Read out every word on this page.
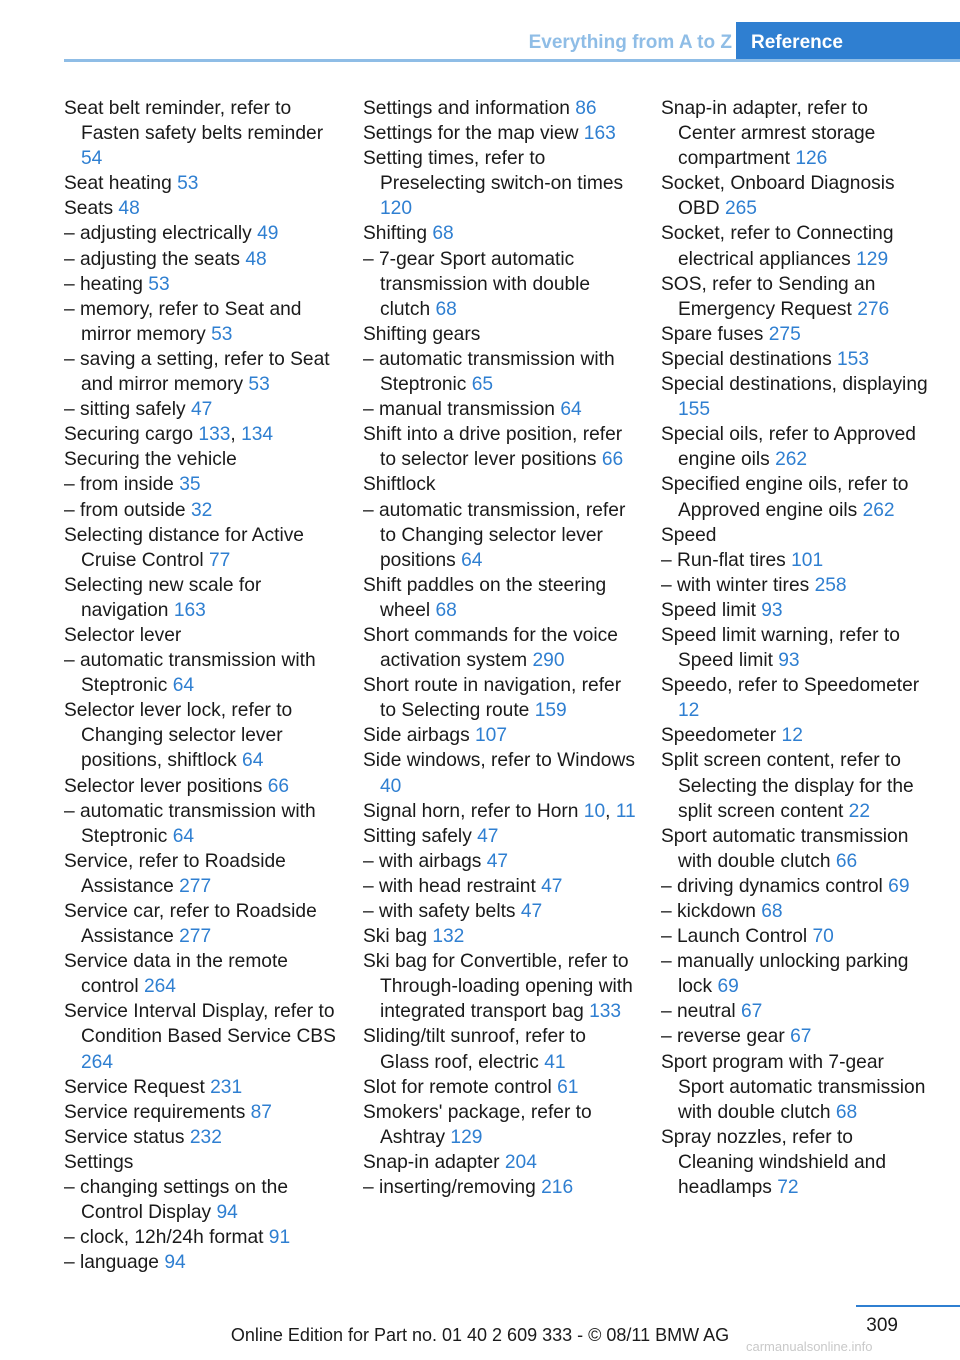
Everything from A to Z	Reference
Seat belt reminder, refer to Fasten safety belts reminder 54
Seat heating 53
Seats 48
– adjusting electrically 49
– adjusting the seats 48
– heating 53
– memory, refer to Seat and mirror memory 53
– saving a setting, refer to Seat and mirror memory 53
– sitting safely 47
Securing cargo 133, 134
Securing the vehicle
– from inside 35
– from outside 32
Selecting distance for Active Cruise Control 77
Selecting new scale for navigation 163
Selector lever
– automatic transmission with Steptronic 64
Selector lever lock, refer to Changing selector lever positions, shiftlock 64
Selector lever positions 66
– automatic transmission with Steptronic 64
Service, refer to Roadside Assistance 277
Service car, refer to Roadside Assistance 277
Service data in the remote control 264
Service Interval Display, refer to Condition Based Service CBS 264
Service Request 231
Service requirements 87
Service status 232
Settings
– changing settings on the Control Display 94
– clock, 12h/24h format 91
– language 94
Settings and information 86
Settings for the map view 163
Setting times, refer to Preselecting switch-on times 120
Shifting 68
– 7-gear Sport automatic transmission with double clutch 68
Shifting gears
– automatic transmission with Steptronic 65
– manual transmission 64
Shift into a drive position, refer to selector lever positions 66
Shiftlock
– automatic transmission, refer to Changing selector lever positions 64
Shift paddles on the steering wheel 68
Short commands for the voice activation system 290
Short route in navigation, refer to Selecting route 159
Side airbags 107
Side windows, refer to Windows 40
Signal horn, refer to Horn 10, 11
Sitting safely 47
– with airbags 47
– with head restraint 47
– with safety belts 47
Ski bag 132
Ski bag for Convertible, refer to Through-loading opening with integrated transport bag 133
Sliding/tilt sunroof, refer to Glass roof, electric 41
Slot for remote control 61
Smokers' package, refer to Ashtray 129
Snap-in adapter 204
– inserting/removing 216
Snap-in adapter, refer to Center armrest storage compartment 126
Socket, Onboard Diagnosis OBD 265
Socket, refer to Connecting electrical appliances 129
SOS, refer to Sending an Emergency Request 276
Spare fuses 275
Special destinations 153
Special destinations, displaying 155
Special oils, refer to Approved engine oils 262
Specified engine oils, refer to Approved engine oils 262
Speed
– Run-flat tires 101
– with winter tires 258
Speed limit 93
Speed limit warning, refer to Speed limit 93
Speedo, refer to Speedometer 12
Speedometer 12
Split screen content, refer to Selecting the display for the split screen content 22
Sport automatic transmission with double clutch 66
– driving dynamics control 69
– kickdown 68
– Launch Control 70
– manually unlocking parking lock 69
– neutral 67
– reverse gear 67
Sport program with 7-gear Sport automatic transmission with double clutch 68
Spray nozzles, refer to Cleaning windshield and headlamps 72
309
Online Edition for Part no. 01 40 2 609 333 - © 08/11 BMW AG
carmanualsonline.info
